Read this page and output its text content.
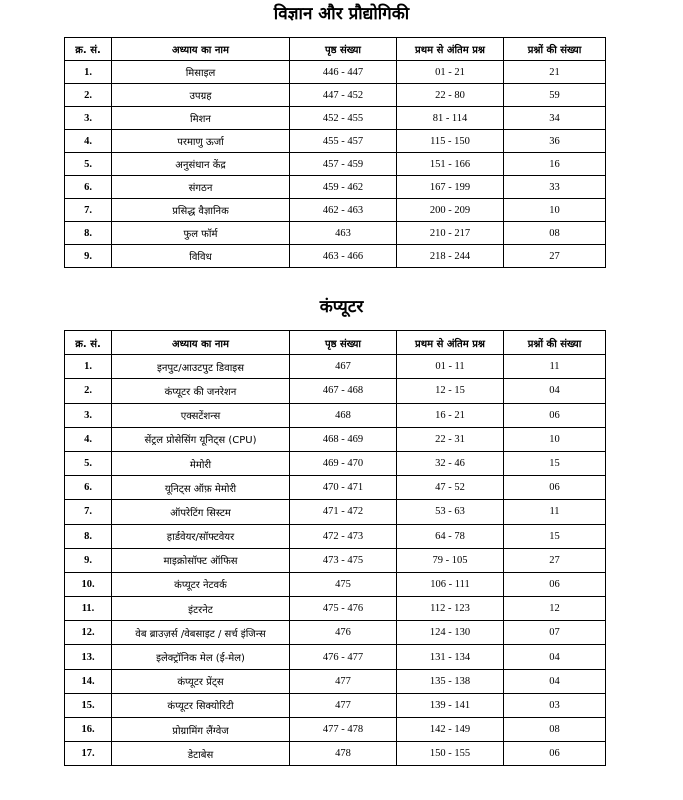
विज्ञान और प्रौद्योगिकी
क्र. सं.	अध्याय का नाम	पृष्ठ संख्या	प्रथम से अंतिम प्रश्न	प्रश्नों की संख्या
1.	मिसाइल	446 - 447	01 - 21	21
2.	उपग्रह	447 - 452	22 - 80	59
3.	मिशन	452 - 455	81 - 114	34
4.	परमाणु ऊर्जा	455 - 457	115 - 150	36
5.	अनुसंधान केंद्र	457 - 459	151 - 166	16
6.	संगठन	459 - 462	167 - 199	33
7.	प्रसिद्ध वैज्ञानिक	462 - 463	200 - 209	10
8.	फुल फॉर्म	463	210 - 217	08
9.	विविध	463 - 466	218 - 244	27
कंप्यूटर
क्र. सं.	अध्याय का नाम	पृष्ठ संख्या	प्रथम से अंतिम प्रश्न	प्रश्नों की संख्या
1.	इनपुट/आउटपुट डिवाइस	467	01 - 11	11
2.	कंप्यूटर की जनरेशन	467 - 468	12 - 15	04
3.	एक्सटेंशन्स	468	16 - 21	06
4.	सेंट्रल प्रोसेसिंग यूनिट्स (CPU)	468 - 469	22 - 31	10
5.	मेमोरी	469 - 470	32 - 46	15
6.	यूनिट्स ऑफ़ मेमोरी	470 - 471	47 - 52	06
7.	ऑपरेटिंग सिस्टम	471 - 472	53 - 63	11
8.	हार्डवेयर/सॉफ्टवेयर	472 - 473	64 - 78	15
9.	माइक्रोसॉफ्ट ऑफिस	473 - 475	79 - 105	27
10.	कंप्यूटर नेटवर्क	475	106 - 111	06
11.	इंटरनेट	475 - 476	112 - 123	12
12.	वेब ब्राउज़र्स /वेबसाइट / सर्च इंजिन्स	476	124 - 130	07
13.	इलेक्ट्रॉनिक मेल (ई-मेल)	476 - 477	131 - 134	04
14.	कंप्यूटर प्रेंट्स	477	135 - 138	04
15.	कंप्यूटर सिक्योरिटी	477	139 - 141	03
16.	प्रोग्रामिंग लैंग्वेज	477 - 478	142 - 149	08
17.	डेटाबेस	478	150 - 155	06
